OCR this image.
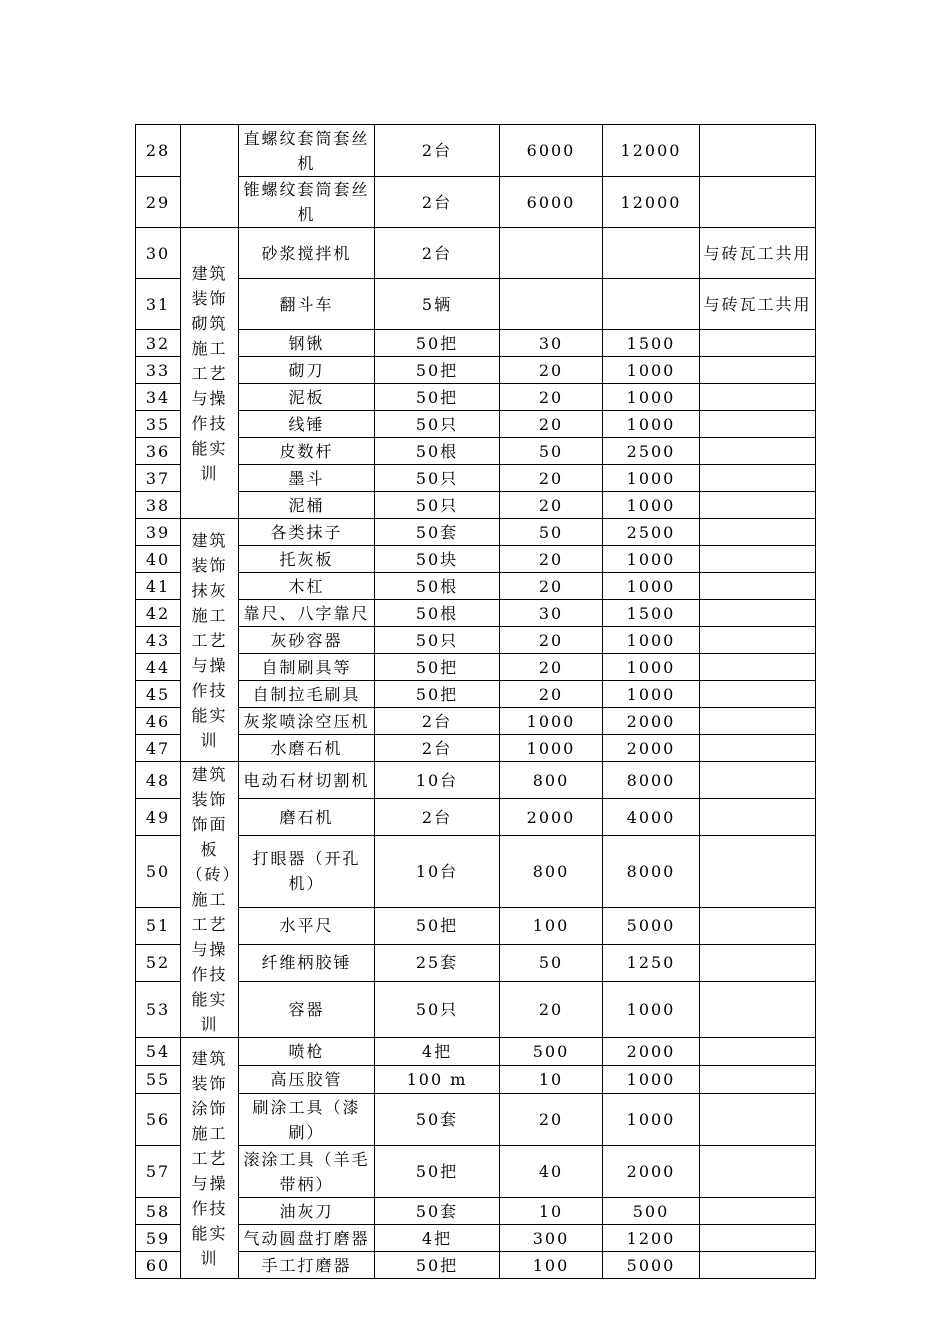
28		直螺纹套筒套丝机	2台	6000	12000	
29		锥螺纹套筒套丝机	2台	6000	12000	
30	建筑装饰砌筑施工工艺与操作技能实训	砂浆搅拌机	2台			与砖瓦工共用
31		翻斗车	5辆			与砖瓦工共用
32		钢锹	50把	30	1500	
33		砌刀	50把	20	1000	
34		泥板	50把	20	1000	
35		线锤	50只	20	1000	
36		皮数杆	50根	50	2500	
37		墨斗	50只	20	1000	
38		泥桶	50只	20	1000	
39	建筑装饰抹灰施工工艺与操作技能实训	各类抹子	50套	50	2500	
40		托灰板	50块	20	1000	
41		木杠	50根	20	1000	
42		靠尺、八字靠尺	50根	30	1500	
43		灰砂容器	50只	20	1000	
44		自制刷具等	50把	20	1000	
45		自制拉毛刷具	50把	20	1000	
46		灰浆喷涂空压机	2台	1000	2000	
47		水磨石机	2台	1000	2000	
48	建筑装饰饰面板（砖）施工工艺与操作技能实训	电动石材切割机	10台	800	8000	
49		磨石机	2台	2000	4000	
50		打眼器（开孔机）	10台	800	8000	
51		水平尺	50把	100	5000	
52		纤维柄胶锤	25套	50	1250	
53		容器	50只	20	1000	
54	建筑装饰涂饰施工工艺与操作技能实训	喷枪	4把	500	2000	
55		高压胶管	100 m	10	1000	
56		刷涂工具（漆刷）	50套	20	1000	
57		滚涂工具（羊毛带柄）	50把	40	2000	
58		油灰刀	50套	10	500	
59		气动圆盘打磨器	4把	300	1200	
60		手工打磨器	50把	100	5000	
